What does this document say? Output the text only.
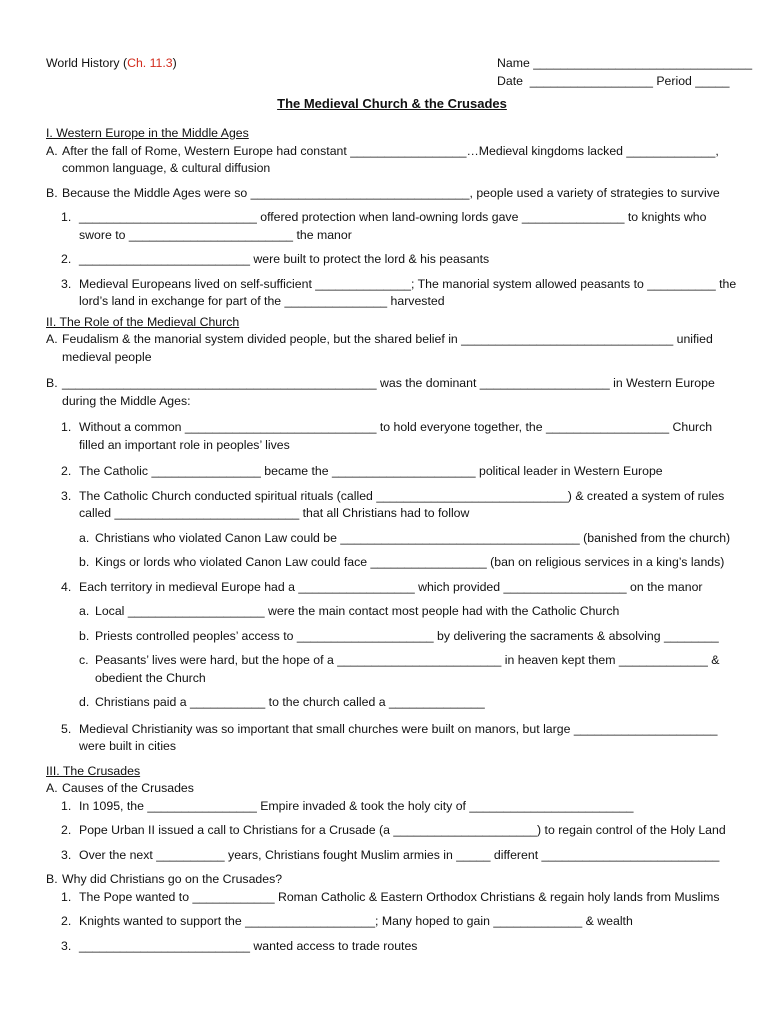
World History (Ch. 11.3)	Name ________________________________
Date  __________________ Period _____
The Medieval Church & the Crusades
I. Western Europe in the Middle Ages
A. After the fall of Rome, Western Europe had constant _________________…Medieval kingdoms lacked _____________, common language, & cultural diffusion
B. Because the Middle Ages were so ________________________________, people used a variety of strategies to survive
1. __________________________ offered protection when land-owning lords gave _______________ to knights who swore to ________________________ the manor
2. _________________________ were built to protect the lord & his peasants
3. Medieval Europeans lived on self-sufficient ______________; The manorial system allowed peasants to __________ the lord’s land in exchange for part of the _______________ harvested
II. The Role of the Medieval Church
A. Feudalism & the manorial system divided people, but the shared belief in _______________________________ unified medieval people
B. ______________________________________________ was the dominant ___________________ in Western Europe during the Middle Ages:
1. Without a common ____________________________ to hold everyone together, the __________________ Church filled an important role in peoples’ lives
2. The Catholic ________________ became the _____________________ political leader in Western Europe
3. The Catholic Church conducted spiritual rituals (called ____________________________) & created a system of rules called ___________________________ that all Christians had to follow
a. Christians who violated Canon Law could be ___________________________________ (banished from the church)
b. Kings or lords who violated Canon Law could face _________________ (ban on religious services in a king’s lands)
4. Each territory in medieval Europe had a _________________ which provided __________________ on the manor
a. Local ____________________ were the main contact most people had with the Catholic Church
b. Priests controlled peoples’ access to ____________________ by delivering the sacraments & absolving ________
c. Peasants’ lives were hard, but the hope of a ________________________ in heaven kept them _____________ & obedient the Church
d. Christians paid a ___________ to the church called a ______________
5. Medieval Christianity was so important that small churches were built on manors, but large _____________________ were built in cities
III. The Crusades
A. Causes of the Crusades
1. In 1095, the ________________ Empire invaded & took the holy city of ________________________
2. Pope Urban II issued a call to Christians for a Crusade (a _____________________) to regain control of the Holy Land
3. Over the next __________ years, Christians fought Muslim armies in _____ different __________________________
B. Why did Christians go on the Crusades?
1. The Pope wanted to ____________ Roman Catholic & Eastern Orthodox Christians & regain holy lands from Muslims
2. Knights wanted to support the ___________________; Many hoped to gain _____________ & wealth
3. _________________________ wanted access to trade routes
